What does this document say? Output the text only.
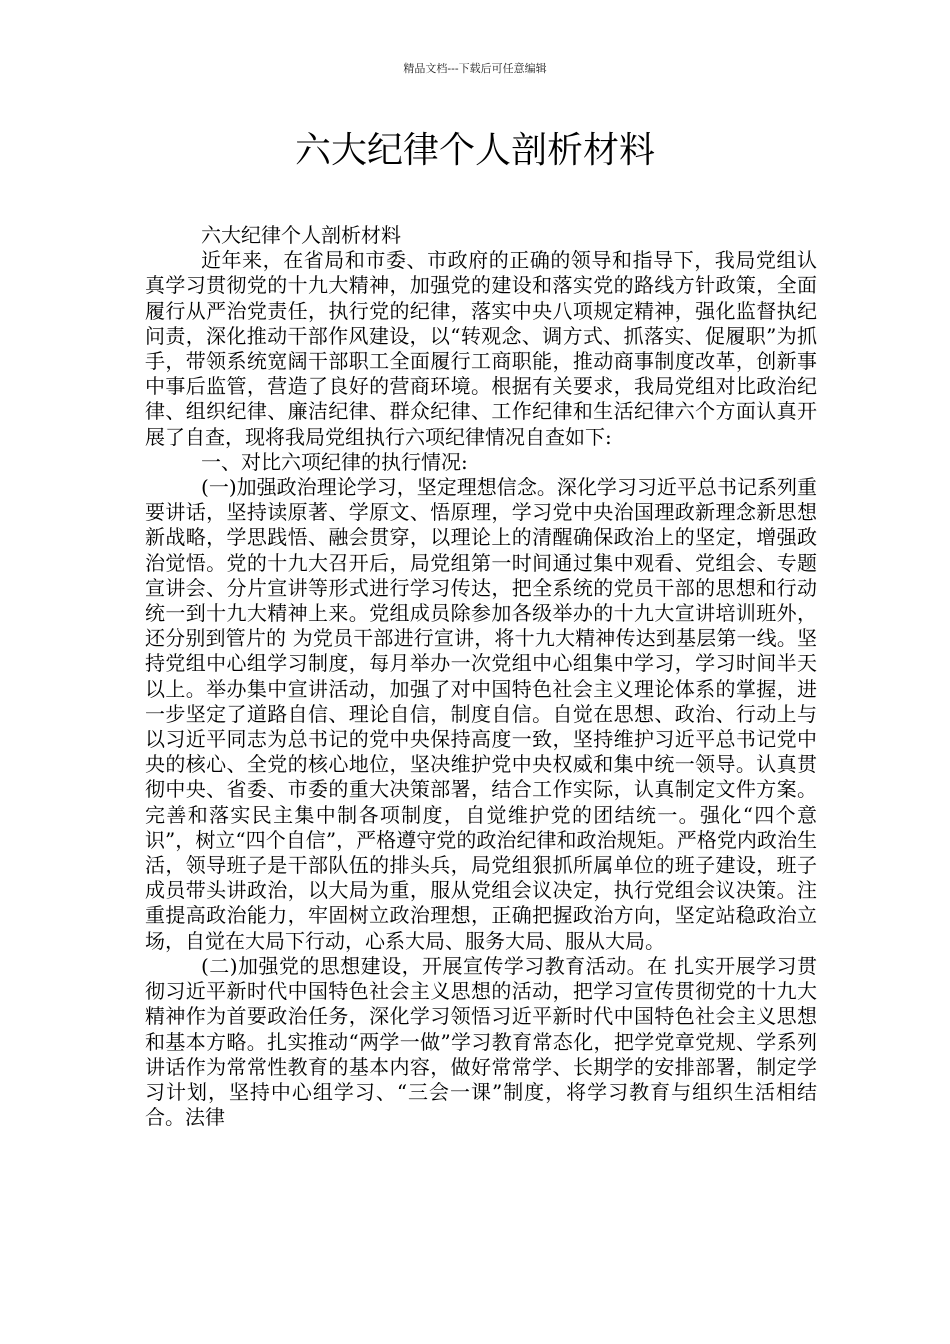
精品文档---下载后可任意编辑
六大纪律个人剖析材料

六大纪律个人剖析材料

近年来，在省局和市委、市政府的正确的领导和指导下，我局党组认真学习贯彻党的十九大精神，加强党的建设和落实党的路线方针政策，全面履行从严治党责任，执行党的纪律，落实中央八项规定精神，强化监督执纪问责，深化推动干部作风建设，以“转观念、调方式、抓落实、促履职”为抓手，带领系统宽阔干部职工全面履行工商职能，推动商事制度改革，创新事中事后监管，营造了良好的营商环境。根据有关要求，我局党组对比政治纪律、组织纪律、廉洁纪律、群众纪律、工作纪律和生活纪律六个方面认真开展了自查，现将我局党组执行六项纪律情况自查如下:

一、对比六项纪律的执行情况:

(一)加强政治理论学习，坚定理想信念。深化学习习近平总书记系列重要讲话，坚持读原著、学原文、悟原理，学习党中央治国理政新理念新思想新战略，学思践悟、融会贯穿，以理论上的清醒确保政治上的坚定，增强政治觉悟。党的十九大召开后，局党组第一时间通过集中观看、党组会、专题宣讲会、分片宣讲等形式进行学习传达，把全系统的党员干部的思想和行动统一到十九大精神上来。党组成员除参加各级举办的十九大宣讲培训班外，还分别到管片的 为党员干部进行宣讲，将十九大精神传达到基层第一线。坚持党组中心组学习制度，每月举办一次党组中心组集中学习，学习时间半天以上。举办集中宣讲活动，加强了对中国特色社会主义理论体系的掌握，进一步坚定了道路自信、理论自信，制度自信。自觉在思想、政治、行动上与以习近平同志为总书记的党中央保持高度一致，坚持维护习近平总书记党中央的核心、全党的核心地位，坚决维护党中央权威和集中统一领导。认真贯彻中央、省委、市委的重大决策部署，结合工作实际，认真制定文件方案。完善和落实民主集中制各项制度，自觉维护党的团结统一。强化“四个意识”，树立“四个自信”，严格遵守党的政治纪律和政治规矩。严格党内政治生活，领导班子是干部队伍的排头兵，局党组狠抓所属单位的班子建设，班子成员带头讲政治，以大局为重，服从党组会议决定，执行党组会议决策。注重提高政治能力，牢固树立政治理想，正确把握政治方向，坚定站稳政治立场，自觉在大局下行动，心系大局、服务大局、服从大局。

(二)加强党的思想建设，开展宣传学习教育活动。在 扎实开展学习贯彻习近平新时代中国特色社会主义思想的活动，把学习宣传贯彻党的十九大精神作为首要政治任务，深化学习领悟习近平新时代中国特色社会主义思想和基本方略。扎实推动“两学一做”学习教育常态化，把学党章党规、学系列讲话作为常常性教育的基本内容，做好常常学、长期学的安排部署，制定学习计划，坚持中心组学习、“三会一课”制度，将学习教育与组织生活相结合。法律
